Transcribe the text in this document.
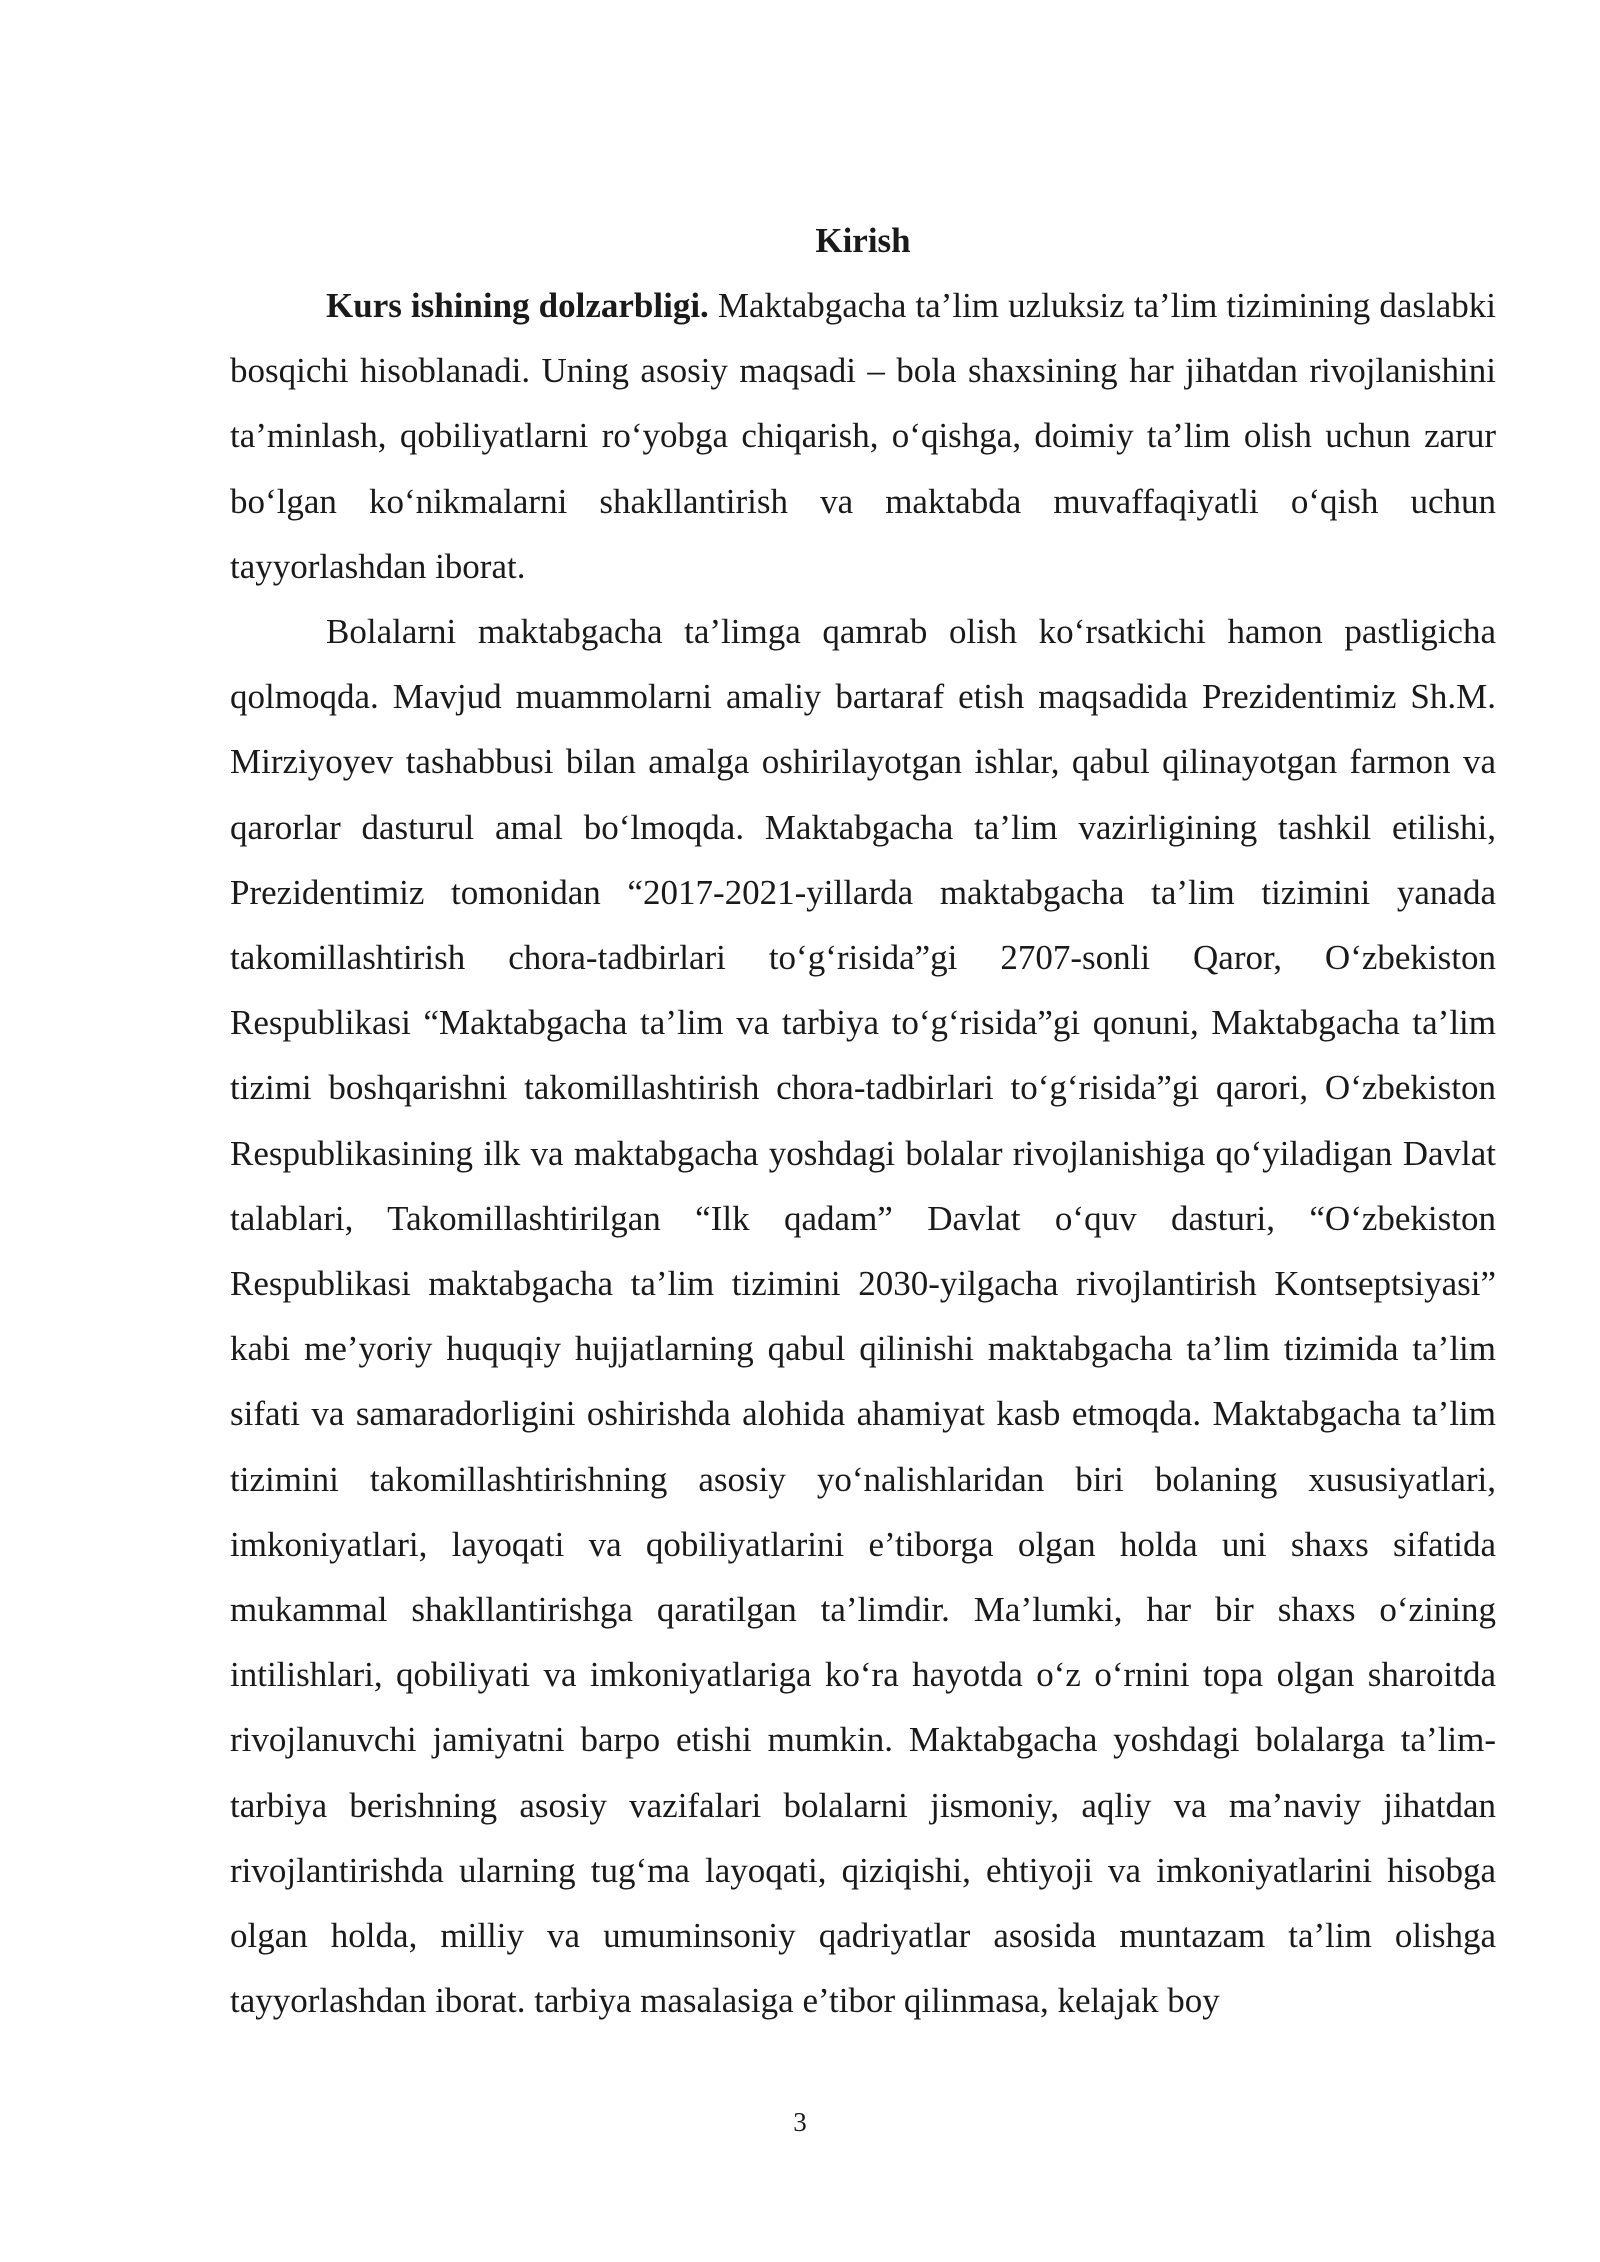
Kirish

Kurs ishining dolzarbligi. Maktabgacha ta’lim uzluksiz ta’lim tizimining daslabki bosqichi hisoblanadi. Uning asosiy maqsadi – bola shaxsining har jihatdan rivojlanishini ta’minlash, qobiliyatlarni ro‘yobga chiqarish, o‘qishga, doimiy ta’lim olish uchun zarur bo‘lgan ko‘nikmalarni shakllantirish va maktabda muvaffaqiyatli o‘qish uchun tayyorlashdan iborat.

Bolalarni maktabgacha ta’limga qamrab olish ko‘rsatkichi hamon pastligicha qolmoqda. Mavjud muammolarni amaliy bartaraf etish maqsadida Prezidentimiz Sh.M. Mirziyoyev tashabbusi bilan amalga oshirilayotgan ishlar, qabul qilinayotgan farmon va qarorlar dasturul amal bo‘lmoqda. Maktabgacha ta’lim vazirligining tashkil etilishi, Prezidentimiz tomonidan “2017-2021-yillarda maktabgacha ta’lim tizimini yanada takomillashtirish chora-tadbirlari to‘g‘risida”gi 2707-sonli Qaror, O‘zbekiston Respublikasi “Maktabgacha ta’lim va tarbiya to‘g‘risida”gi qonuni, Maktabgacha ta’lim tizimi boshqarishni takomillashtirish chora-tadbirlari to‘g‘risida”gi qarori, O‘zbekiston Respublikasining ilk va maktabgacha yoshdagi bolalar rivojlanishiga qo‘yiladigan Davlat talablari, Takomillashtirilgan “Ilk qadam” Davlat o‘quv dasturi, “O‘zbekiston Respublikasi maktabgacha ta’lim tizimini 2030-yilgacha rivojlantirish Kontseptsiyasi” kabi me’yoriy huquqiy hujjatlarning qabul qilinishi maktabgacha ta’lim tizimida ta’lim sifati va samaradorligini oshirishda alohida ahamiyat kasb etmoqda. Maktabgacha ta’lim tizimini takomillashtirishning asosiy yo‘nalishlaridan biri bolaning xususiyatlari, imkoniyatlari, layoqati va qobiliyatlarini e’tiborga olgan holda uni shaxs sifatida mukammal shakllantirishga qaratilgan ta’limdir. Ma’lumki, har bir shaxs o‘zining intilishlari, qobiliyati va imkoniyatlariga ko‘ra hayotda o‘z o‘rnini topa olgan sharoitda rivojlanuvchi jamiyatni barpo etishi mumkin. Maktabgacha yoshdagi bolalarga ta’lim-tarbiya berishning asosiy vazifalari bolalarni jismoniy, aqliy va ma’naviy jihatdan rivojlantirishda ularning tug‘ma layoqati, qiziqishi, ehtiyoji va imkoniyatlarini hisobga olgan holda, milliy va umuminsoniy qadriyatlar asosida muntazam ta’lim olishga tayyorlashdan iborat. tarbiya masalasiga e’tibor qilinmasa, kelajak boy

3
